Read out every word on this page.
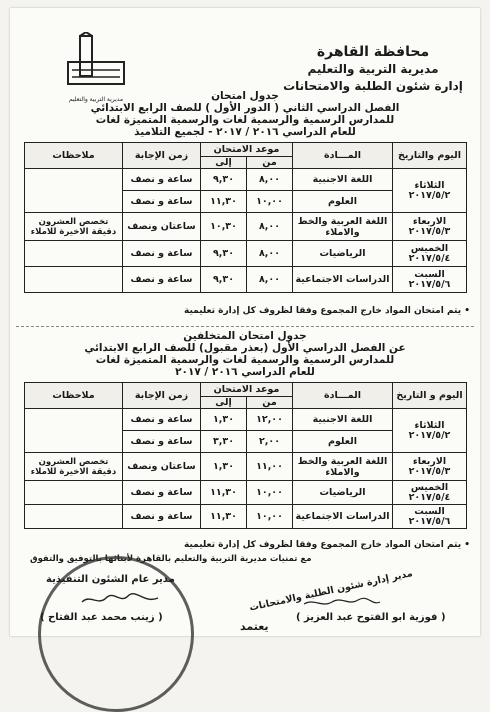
محافظة القاهرة
مديرية التربية والتعليم
إدارة شئون الطلبة والامتحانات
مديرية التربية والتعليم	جدول امتحان
الفصل الدراسي الثاني ( الدور الأول ) للصف الرابع الابتدائي
للمدارس الرسمية والرسمية لغات والرسمية المتميزة لغات
للعام الدراسي ٢٠١٦ / ٢٠١٧ - لجميع التلاميذ
اليوم والتاريخ	المـــادة	موعد الامتحان		زمن الإجابة	ملاحظات
		من	إلى		

الثلاثاء
٢٠١٧/٥/٢	اللغة الاجنبية	٨,٠٠	٩,٣٠	ساعة و نصف	
	العلوم	١٠,٠٠	١١,٣٠	ساعة و نصف	

الاربعاء
٢٠١٧/٥/٣	اللغة العربية والخط والاملاء	٨,٠٠	١٠,٣٠	ساعتان ونصف	تخصص العشرون دقيقة الاخيرة للاملاء

الخميس
٢٠١٧/٥/٤	الرياضيات	٨,٠٠	٩,٣٠	ساعة و نصف	

السبت
٢٠١٧/٥/٦	الدراسات الاجتماعية	٨,٠٠	٩,٣٠	ساعة و نصف	
• يتم امتحان المواد خارج المجموع وفقا لظروف كل إدارة تعليمية
جدول امتحان المتخلفين
عن الفصل الدراسي الأول (بعذر مقبول) للصف الرابع الابتدائي
للمدارس الرسمية والرسمية لغات والرسمية المتميزة لغات
للعام الدراسي ٢٠١٦ / ٢٠١٧
اليوم و التاريخ	المـــادة	موعد الامتحان		زمن الإجابة	ملاحظات
		من	إلى		

الثلاثاء
٢٠١٧/٥/٢	اللغة الاجنبية	١٢,٠٠	١,٣٠	ساعة و نصف	
	العلوم	٢,٠٠	٣,٣٠	ساعة و نصف	

الاربعاء
٢٠١٧/٥/٣	اللغة العربية والخط والاملاء	١١,٠٠	١,٣٠	ساعتان ونصف	تخصص العشرون دقيقة الاخيرة للاملاء

الخميس
٢٠١٧/٥/٤	الرياضيات	١٠,٠٠	١١,٣٠	ساعة و نصف	

السبت
٢٠١٧/٥/٦	الدراسات الاجتماعية	١٠,٠٠	١١,٣٠	ساعة و نصف	
• يتم امتحان المواد خارج المجموع وفقا لظروف كل إدارة تعليمية
مع تمنيات مديرية التربية والتعليم بالقاهرة لأبنائها بالتوفيق والتفوق
مدير عام الشئون التنفيذية
( زينب محمد عبد الفتاح )
مدير إدارة شئون الطلبة والامتحانات
( فوزية ابو الفتوح عبد العزيز )
يعتمد
